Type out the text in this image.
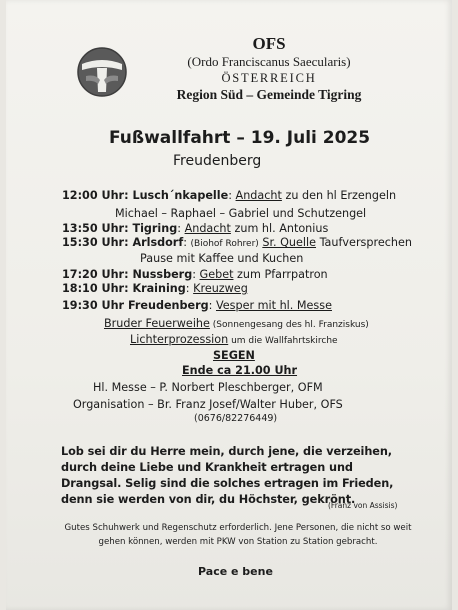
OFS
(Ordo Franciscanus Saecularis)
ÖSTERREICH
Region Süd – Gemeinde Tigring
Fußwallfahrt – 19. Juli 2025
Freudenberg
12:00 Uhr: Lusch´nkapelle: Andacht zu den hl Erzengeln
Michael – Raphael – Gabriel und Schutzengel
13:50 Uhr: Tigring: Andacht zum hl. Antonius
15:30 Uhr: Arlsdorf: (Biohof Rohrer) Sr. Quelle Taufversprechen
Pause mit Kaffee und Kuchen
17:20 Uhr: Nussberg: Gebet zum Pfarrpatron
18:10 Uhr: Kraining: Kreuzweg
19:30 Uhr Freudenberg: Vesper mit hl. Messe
Bruder Feuerweihe (Sonnengesang des hl. Franziskus)
Lichterprozession um die Wallfahrtskirche
SEGEN
Ende ca 21.00 Uhr
Hl. Messe – P. Norbert Pleschberger, OFM
Organisation – Br. Franz Josef/Walter Huber, OFS
(0676/82276449)
Lob sei dir du Herre mein, durch jene, die verzeihen, durch deine Liebe und Krankheit ertragen und Drangsal. Selig sind die solches ertragen im Frieden, denn sie werden von dir, du Höchster, gekrönt.
(Franz von Assisis)
Gutes Schuhwerk und Regenschutz erforderlich. Jene Personen, die nicht so weit gehen können, werden mit PKW von Station zu Station gebracht.
Pace e bene
